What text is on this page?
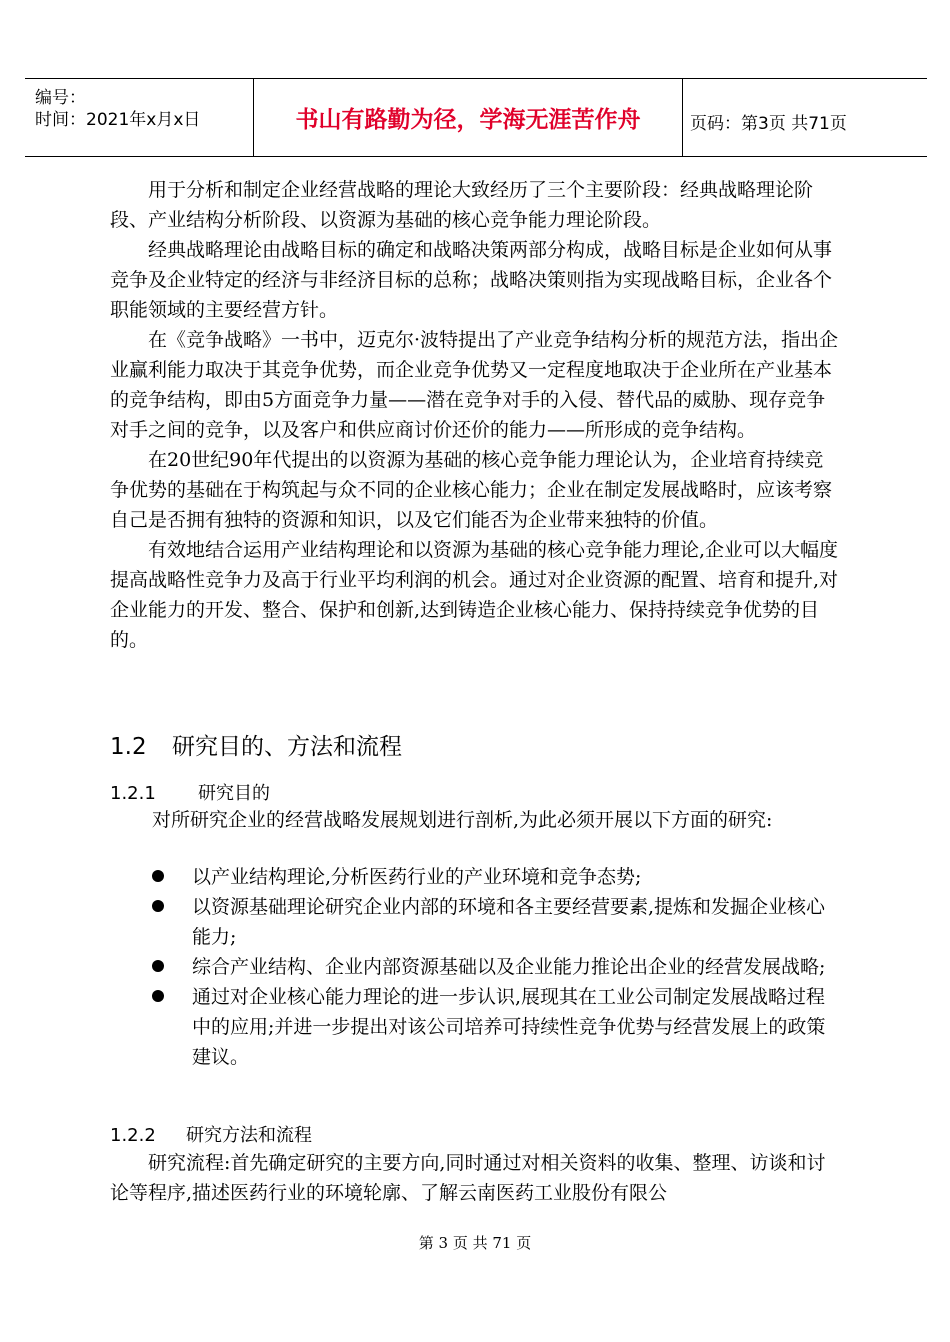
编号：
时间：2021年x月x日	书山有路勤为径，学海无涯苦作舟	页码：第3页 共71页

用于分析和制定企业经营战略的理论大致经历了三个主要阶段：经典战略理论阶段、产业结构分析阶段、以资源为基础的核心竞争能力理论阶段。

经典战略理论由战略目标的确定和战略决策两部分构成，战略目标是企业如何从事竞争及企业特定的经济与非经济目标的总称；战略决策则指为实现战略目标，企业各个职能领域的主要经营方针。

在《竞争战略》一书中，迈克尔·波特提出了产业竞争结构分析的规范方法，指出企业赢利能力取决于其竞争优势，而企业竞争优势又一定程度地取决于企业所在产业基本的竞争结构，即由5方面竞争力量——潜在竞争对手的入侵、替代品的威胁、现存竞争对手之间的竞争，以及客户和供应商讨价还价的能力——所形成的竞争结构。

在20世纪90年代提出的以资源为基础的核心竞争能力理论认为，企业培育持续竞争优势的基础在于构筑起与众不同的企业核心能力；企业在制定发展战略时，应该考察自己是否拥有独特的资源和知识，以及它们能否为企业带来独特的价值。

有效地结合运用产业结构理论和以资源为基础的核心竞争能力理论,企业可以大幅度提高战略性竞争力及高于行业平均利润的机会。通过对企业资源的配置、培育和提升,对企业能力的开发、整合、保护和创新,达到铸造企业核心能力、保持持续竞争优势的目的。

1.2 研究目的、方法和流程
1.2.1 研究目的
对所研究企业的经营战略发展规划进行剖析,为此必须开展以下方面的研究:
以产业结构理论,分析医药行业的产业环境和竞争态势;
以资源基础理论研究企业内部的环境和各主要经营要素,提炼和发掘企业核心能力;
综合产业结构、企业内部资源基础以及企业能力推论出企业的经营发展战略;
通过对企业核心能力理论的进一步认识,展现其在工业公司制定发展战略过程中的应用;并进一步提出对该公司培养可持续性竞争优势与经营发展上的政策建议。
1.2.2 研究方法和流程
研究流程:首先确定研究的主要方向,同时通过对相关资料的收集、整理、访谈和讨论等程序,描述医药行业的环境轮廓、了解云南医药工业股份有限公
第 3 页 共 71 页
